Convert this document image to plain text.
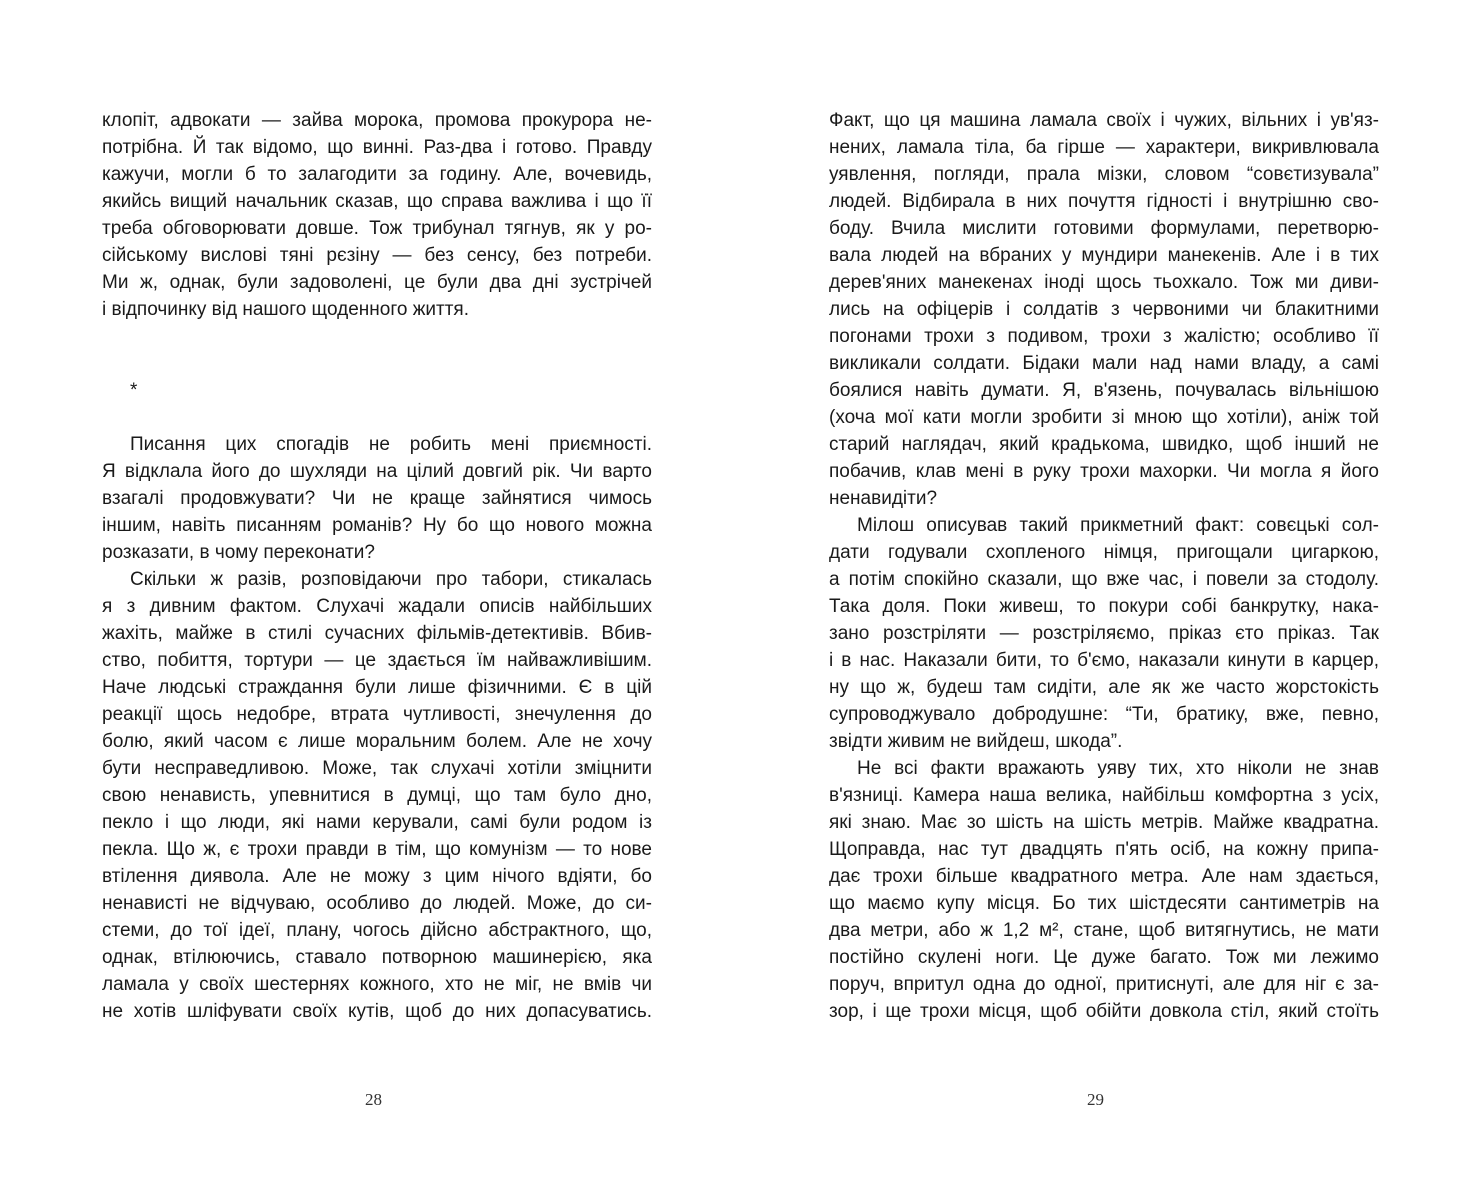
клопіт, адвокати — зайва морока, промова прокурора не-
потрібна. Й так відомо, що винні. Раз-два і готово. Правду
кажучи, могли б то залагодити за годину. Але, вочевидь,
якийсь вищий начальник сказав, що справа важлива і що її
треба обговорювати довше. Тож трибунал тягнув, як у ро-
сійському вислові тяні рєзіну — без сенсу, без потреби.
Ми ж, однак, були задоволені, це були два дні зустрічей
і відпочинку від нашого щоденного життя.
*
Писання цих спогадів не робить мені приємності.
Я відклала його до шухляди на цілий довгий рік. Чи варто
взагалі продовжувати? Чи не краще зайнятися чимось
іншим, навіть писанням романів? Ну бо що нового можна
розказати, в чому переконати?
Скільки ж разів, розповідаючи про табори, стикалась
я з дивним фактом. Слухачі жадали описів найбільших
жахіть, майже в стилі сучасних фільмів-детективів. Вбив-
ство, побиття, тортури — це здається їм найважливішим.
Наче людські страждання були лише фізичними. Є в цій
реакції щось недобре, втрата чутливості, знечулення до
болю, який часом є лише моральним болем. Але не хочу
бути несправедливою. Може, так слухачі хотіли зміцнити
свою ненависть, упевнитися в думці, що там було дно,
пекло і що люди, які нами керували, самі були родом із
пекла. Що ж, є трохи правди в тім, що комунізм — то нове
втілення диявола. Але не можу з цим нічого вдіяти, бо
ненависті не відчуваю, особливо до людей. Може, до си-
стеми, до тої ідеї, плану, чогось дійсно абстрактного, що,
однак, втілюючись, ставало потворною машинерією, яка
ламала у своїх шестернях кожного, хто не міг, не вмів чи
не хотів шліфувати своїх кутів, щоб до них допасуватись.
28
Факт, що ця машина ламала своїх і чужих, вільних і ув'яз-
нених, ламала тіла, ба гірше — характери, викривлювала
уявлення, погляди, прала мізки, словом “совєтизувала”
людей. Відбирала в них почуття гідності і внутрішню сво-
боду. Вчила мислити готовими формулами, перетворю-
вала людей на вбраних у мундири манекенів. Але і в тих
дерев'яних манекенах іноді щось тьохкало. Тож ми диви-
лись на офіцерів і солдатів з червоними чи блакитними
погонами трохи з подивом, трохи з жалістю; особливо її
викликали солдати. Бідаки мали над нами владу, а самі
боялися навіть думати. Я, в'язень, почувалась вільнішою
(хоча мої кати могли зробити зі мною що хотіли), аніж той
старий наглядач, який крадькома, швидко, щоб інший не
побачив, клав мені в руку трохи махорки. Чи могла я його
ненавидіти?
Мілош описував такий прикметний факт: совєцькі сол-
дати годували схопленого німця, пригощали цигаркою,
а потім спокійно сказали, що вже час, і повели за стодолу.
Така доля. Поки живеш, то покури собі банкрутку, нака-
зано розстріляти — розстріляємо, пріказ єто пріказ. Так
і в нас. Наказали бити, то б'ємо, наказали кинути в карцер,
ну що ж, будеш там сидіти, але як же часто жорстокість
супроводжувало добродушне: “Ти, братику, вже, певно,
звідти живим не вийдеш, шкода”.
Не всі факти вражають уяву тих, хто ніколи не знав
в'язниці. Камера наша велика, найбільш комфортна з усіх,
які знаю. Має зо шість на шість метрів. Майже квадратна.
Щоправда, нас тут двадцять п'ять осіб, на кожну припа-
дає трохи більше квадратного метра. Але нам здається,
що маємо купу місця. Бо тих шістдесяти сантиметрів на
два метри, або ж 1,2 м², стане, щоб витягнутись, не мати
постійно скулені ноги. Це дуже багато. Тож ми лежимо
поруч, впритул одна до одної, притиснуті, але для ніг є за-
зор, і ще трохи місця, щоб обійти довкола стіл, який стоїть
29
